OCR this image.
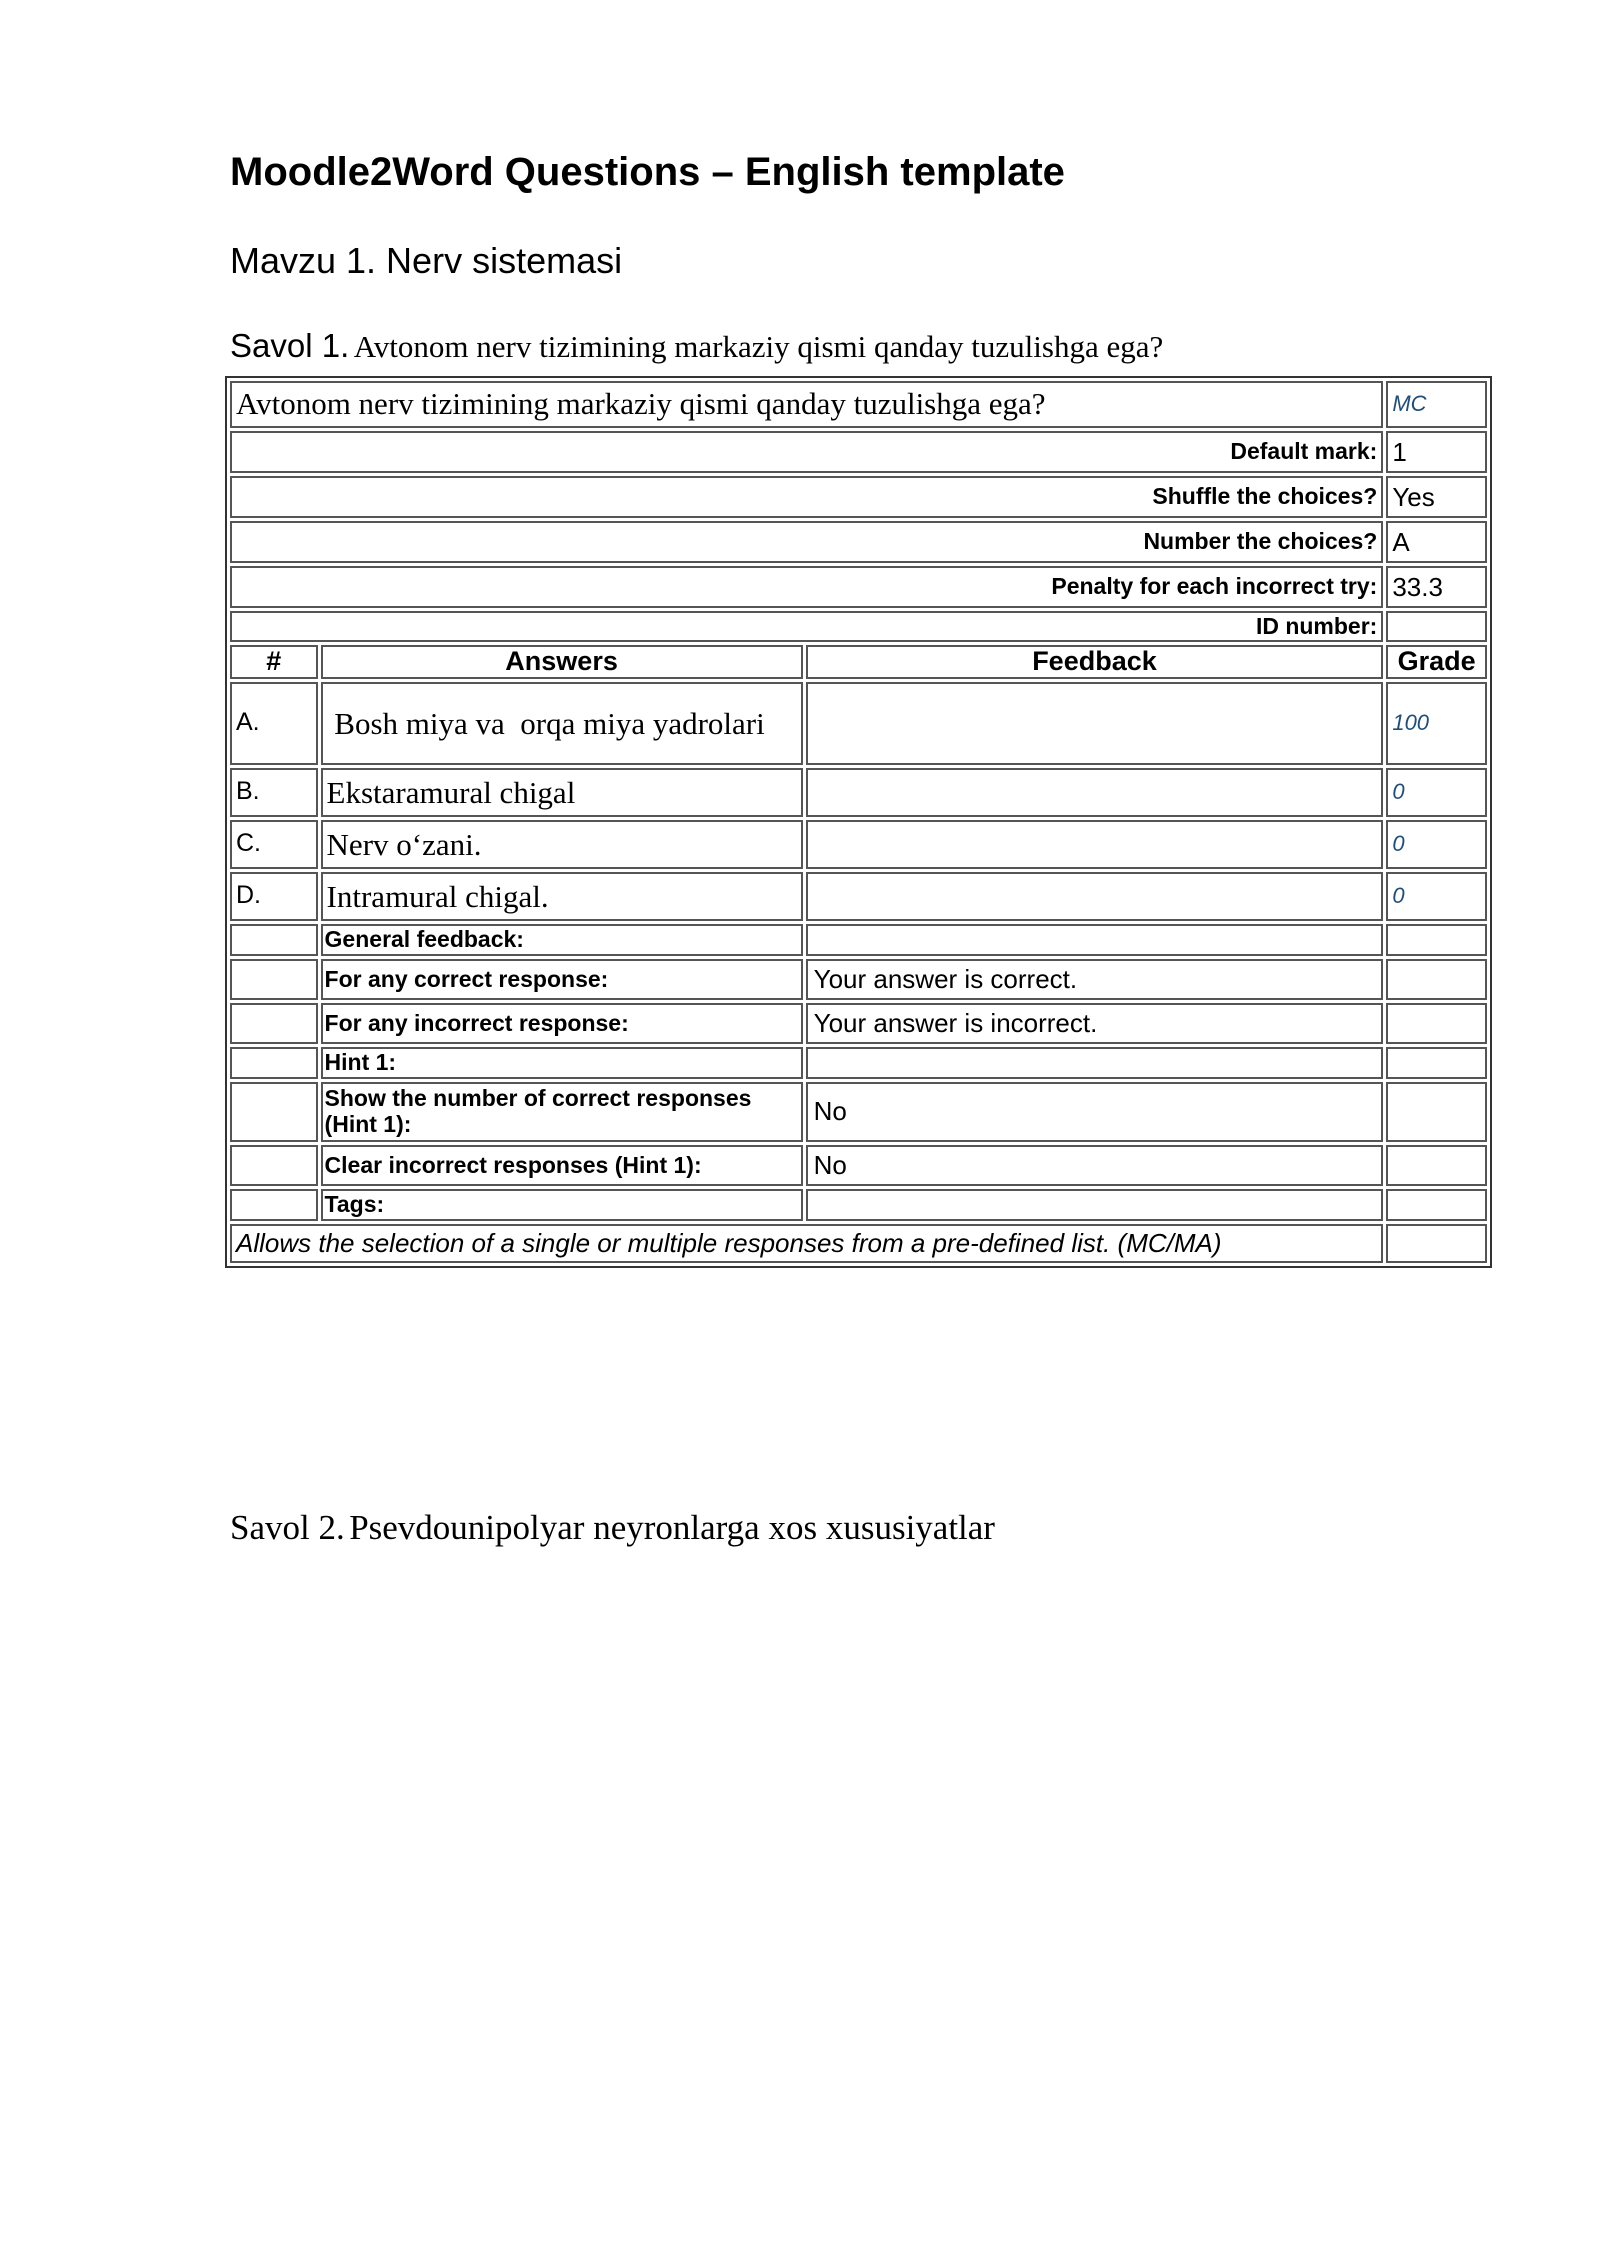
Moodle2Word Questions – English template
Mavzu 1. Nerv sistemasi

Savol 1. Avtonom nerv tizimining markaziy qismi qanday tuzulishga ega?

Avtonom nerv tizimining markaziy qismi qanday tuzulishga ega?			MC
Default mark:			1
Shuffle the choices?			Yes
Number the choices?			A
Penalty for each incorrect try:			33.3
ID number:			
#	Answers	Feedback	Grade
A.	Bosh miya va  orqa miya yadrolari		100
B.	Ekstaramural chigal		0
C.	Nerv o‘zani.		0
D.	Intramural chigal.		0
	General feedback:		
	For any correct response:	Your answer is correct.	
	For any incorrect response:	Your answer is incorrect.	
	Hint 1:		
	Show the number of correct responses (Hint 1):	No	
	Clear incorrect responses (Hint 1):	No	
	Tags:		
Allows the selection of a single or multiple responses from a pre-defined list. (MC/MA)			

Savol 2. Psevdounipolyar neyronlarga xos xususiyatlar
